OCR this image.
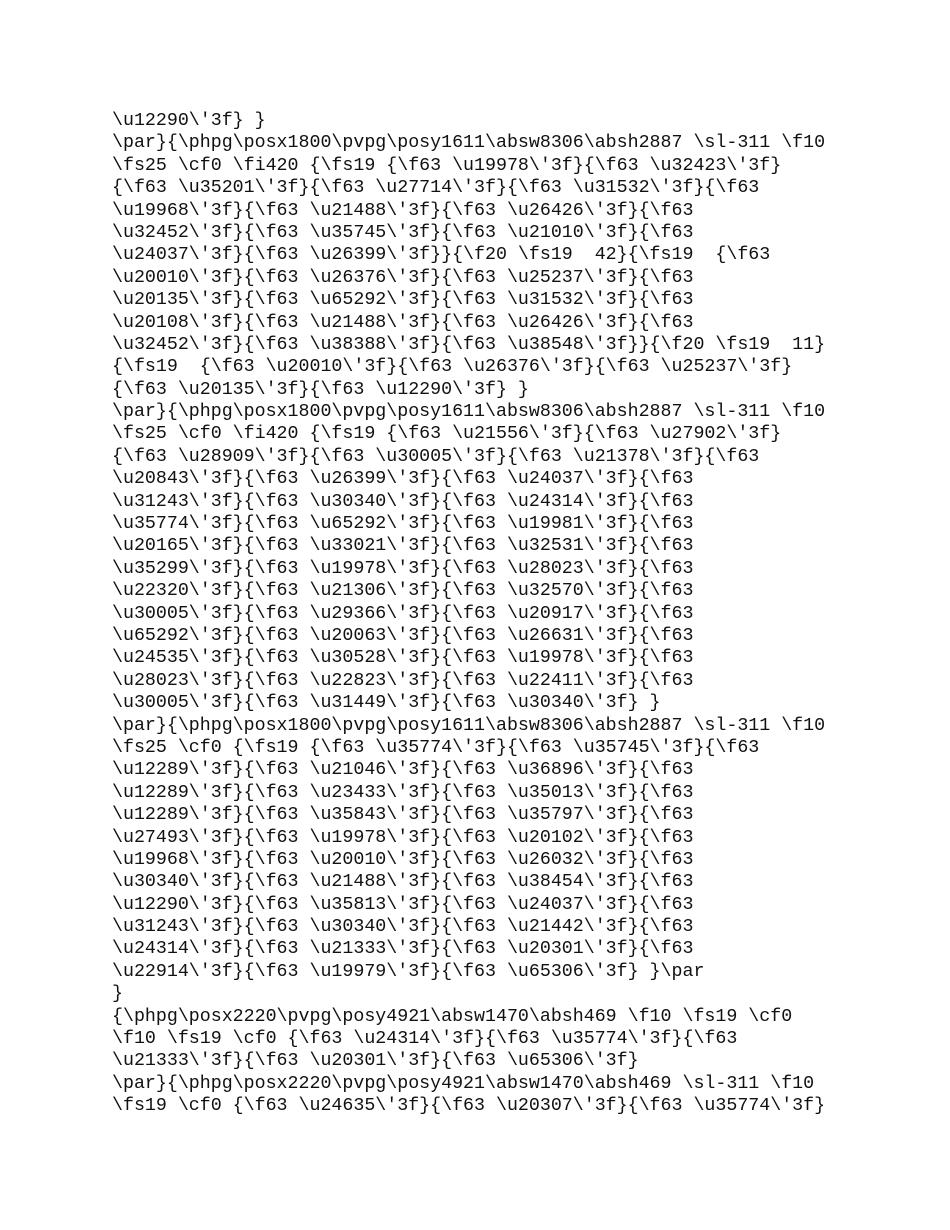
\u12290\'3f} }
\par}{\phpg\posx1800\pvpg\posy1611\absw8306\absh2887 \sl-311 \f10
\fs25 \cf0 \fi420 {\fs19 {\f63 \u19978\'3f}{\f63 \u32423\'3f}
{\f63 \u35201\'3f}{\f63 \u27714\'3f}{\f63 \u31532\'3f}{\f63
\u19968\'3f}{\f63 \u21488\'3f}{\f63 \u26426\'3f}{\f63
\u32452\'3f}{\f63 \u35745\'3f}{\f63 \u21010\'3f}{\f63
\u24037\'3f}{\f63 \u26399\'3f}}{\f20 \fs19  42}{\fs19  {\f63
\u20010\'3f}{\f63 \u26376\'3f}{\f63 \u25237\'3f}{\f63
\u20135\'3f}{\f63 \u65292\'3f}{\f63 \u31532\'3f}{\f63
\u20108\'3f}{\f63 \u21488\'3f}{\f63 \u26426\'3f}{\f63
\u32452\'3f}{\f63 \u38388\'3f}{\f63 \u38548\'3f}}{\f20 \fs19  11}
{\fs19  {\f63 \u20010\'3f}{\f63 \u26376\'3f}{\f63 \u25237\'3f}
{\f63 \u20135\'3f}{\f63 \u12290\'3f} }
\par}{\phpg\posx1800\pvpg\posy1611\absw8306\absh2887 \sl-311 \f10
\fs25 \cf0 \fi420 {\fs19 {\f63 \u21556\'3f}{\f63 \u27902\'3f}
{\f63 \u28909\'3f}{\f63 \u30005\'3f}{\f63 \u21378\'3f}{\f63
\u20843\'3f}{\f63 \u26399\'3f}{\f63 \u24037\'3f}{\f63
\u31243\'3f}{\f63 \u30340\'3f}{\f63 \u24314\'3f}{\f63
\u35774\'3f}{\f63 \u65292\'3f}{\f63 \u19981\'3f}{\f63
\u20165\'3f}{\f63 \u33021\'3f}{\f63 \u32531\'3f}{\f63
\u35299\'3f}{\f63 \u19978\'3f}{\f63 \u28023\'3f}{\f63
\u22320\'3f}{\f63 \u21306\'3f}{\f63 \u32570\'3f}{\f63
\u30005\'3f}{\f63 \u29366\'3f}{\f63 \u20917\'3f}{\f63
\u65292\'3f}{\f63 \u20063\'3f}{\f63 \u26631\'3f}{\f63
\u24535\'3f}{\f63 \u30528\'3f}{\f63 \u19978\'3f}{\f63
\u28023\'3f}{\f63 \u22823\'3f}{\f63 \u22411\'3f}{\f63
\u30005\'3f}{\f63 \u31449\'3f}{\f63 \u30340\'3f} }
\par}{\phpg\posx1800\pvpg\posy1611\absw8306\absh2887 \sl-311 \f10
\fs25 \cf0 {\fs19 {\f63 \u35774\'3f}{\f63 \u35745\'3f}{\f63
\u12289\'3f}{\f63 \u21046\'3f}{\f63 \u36896\'3f}{\f63
\u12289\'3f}{\f63 \u23433\'3f}{\f63 \u35013\'3f}{\f63
\u12289\'3f}{\f63 \u35843\'3f}{\f63 \u35797\'3f}{\f63
\u27493\'3f}{\f63 \u19978\'3f}{\f63 \u20102\'3f}{\f63
\u19968\'3f}{\f63 \u20010\'3f}{\f63 \u26032\'3f}{\f63
\u30340\'3f}{\f63 \u21488\'3f}{\f63 \u38454\'3f}{\f63
\u12290\'3f}{\f63 \u35813\'3f}{\f63 \u24037\'3f}{\f63
\u31243\'3f}{\f63 \u30340\'3f}{\f63 \u21442\'3f}{\f63
\u24314\'3f}{\f63 \u21333\'3f}{\f63 \u20301\'3f}{\f63
\u22914\'3f}{\f63 \u19979\'3f}{\f63 \u65306\'3f} }\par
}
{\phpg\posx2220\pvpg\posy4921\absw1470\absh469 \f10 \fs19 \cf0
\f10 \fs19 \cf0 {\f63 \u24314\'3f}{\f63 \u35774\'3f}{\f63
\u21333\'3f}{\f63 \u20301\'3f}{\f63 \u65306\'3f}
\par}{\phpg\posx2220\pvpg\posy4921\absw1470\absh469 \sl-311 \f10
\fs19 \cf0 {\f63 \u24635\'3f}{\f63 \u20307\'3f}{\f63 \u35774\'3f}
